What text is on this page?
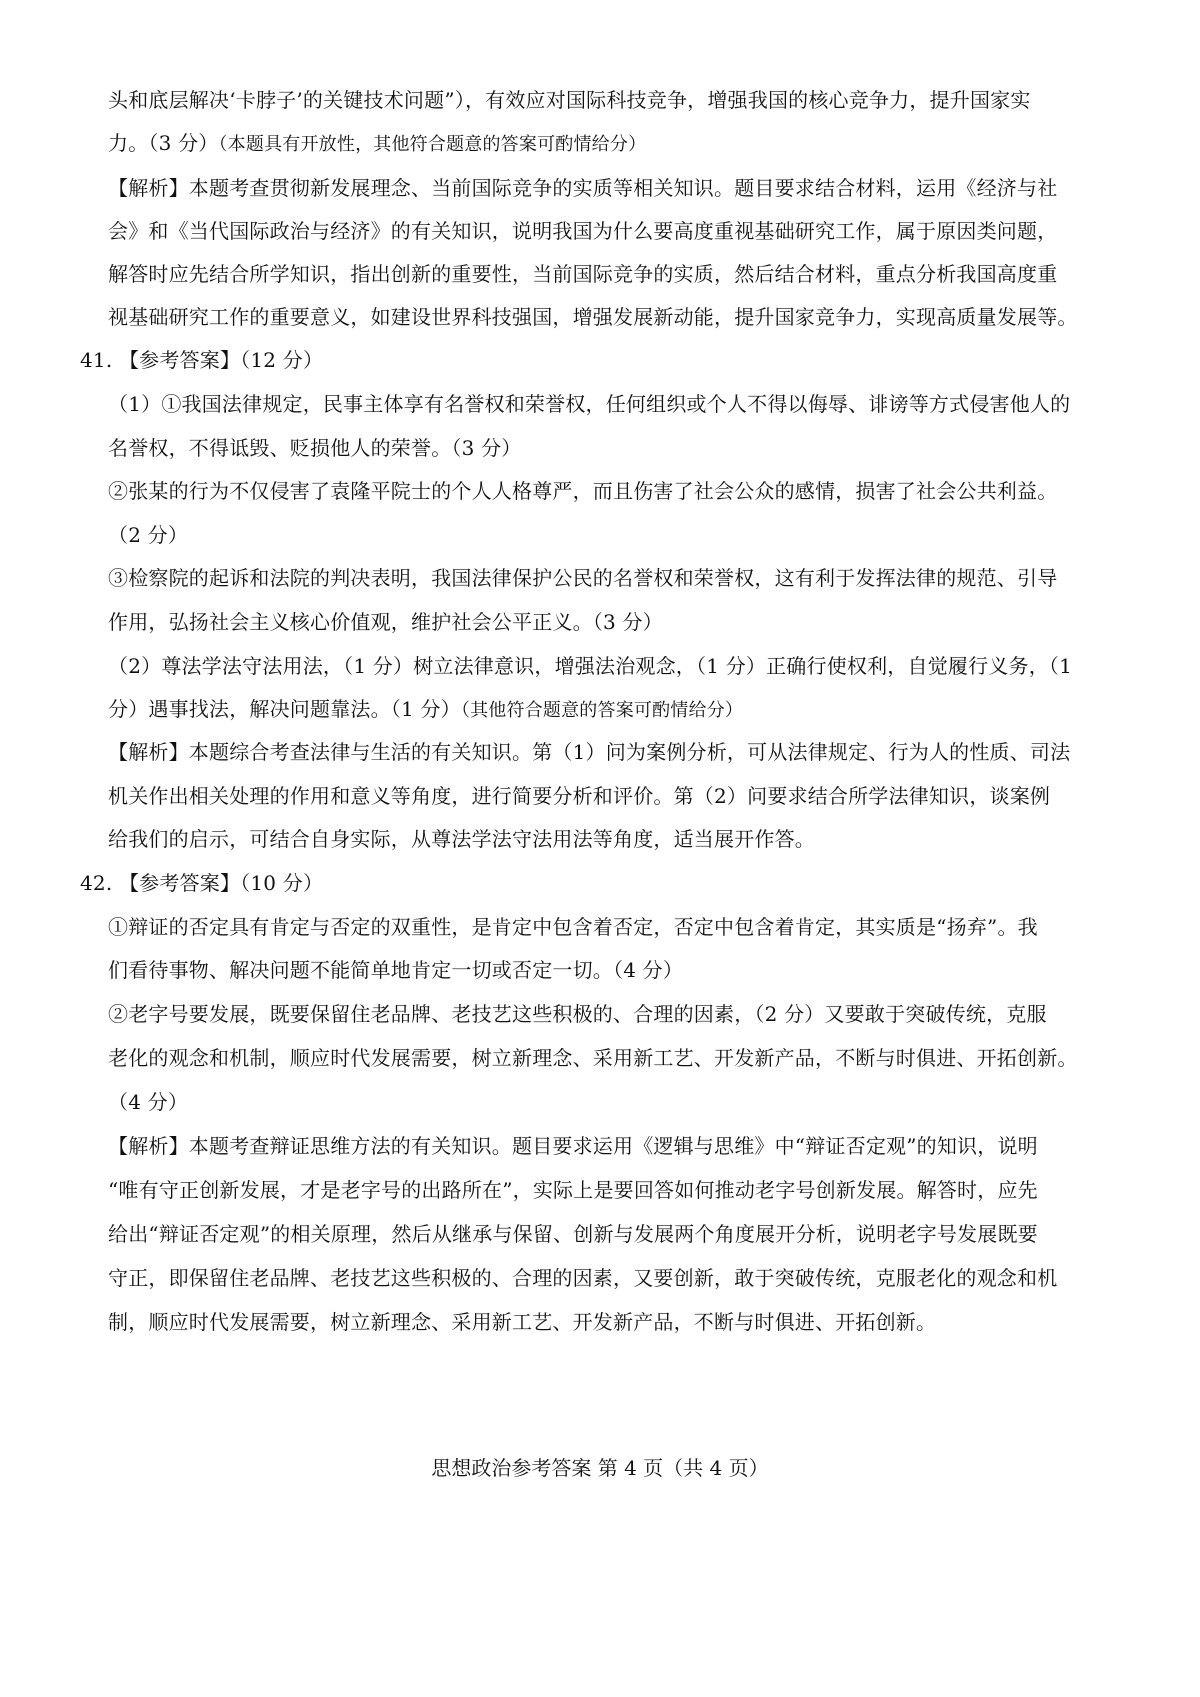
头和底层解决‘卡脖子’的关键技术问题”），有效应对国际科技竞争，增强我国的核心竞争力，提升国家实
力。（3 分）（本题具有开放性，其他符合题意的答案可酌情给分）
【解析】本题考查贯彻新发展理念、当前国际竞争的实质等相关知识。题目要求结合材料，运用《经济与社
会》和《当代国际政治与经济》的有关知识，说明我国为什么要高度重视基础研究工作，属于原因类问题，
解答时应先结合所学知识，指出创新的重要性，当前国际竞争的实质，然后结合材料，重点分析我国高度重
视基础研究工作的重要意义，如建设世界科技强国，增强发展新动能，提升国家竞争力，实现高质量发展等。
41. 【参考答案】（12 分）
（1）①我国法律规定，民事主体享有名誉权和荣誉权，任何组织或个人不得以侮辱、诽谤等方式侵害他人的
名誉权，不得诋毁、贬损他人的荣誉。（3 分）
②张某的行为不仅侵害了袁隆平院士的个人人格尊严，而且伤害了社会公众的感情，损害了社会公共利益。
（2 分）
③检察院的起诉和法院的判决表明，我国法律保护公民的名誉权和荣誉权，这有利于发挥法律的规范、引导
作用，弘扬社会主义核心价值观，维护社会公平正义。（3 分）
（2）尊法学法守法用法，（1 分）树立法律意识，增强法治观念，（1 分）正确行使权利，自觉履行义务，（1
分）遇事找法，解决问题靠法。（1 分）（其他符合题意的答案可酌情给分）
【解析】本题综合考查法律与生活的有关知识。第（1）问为案例分析，可从法律规定、行为人的性质、司法
机关作出相关处理的作用和意义等角度，进行简要分析和评价。第（2）问要求结合所学法律知识，谈案例
给我们的启示，可结合自身实际，从尊法学法守法用法等角度，适当展开作答。
42. 【参考答案】（10 分）
①辩证的否定具有肯定与否定的双重性，是肯定中包含着否定，否定中包含着肯定，其实质是“扬弃”。我
们看待事物、解决问题不能简单地肯定一切或否定一切。（4 分）
②老字号要发展，既要保留住老品牌、老技艺这些积极的、合理的因素，（2 分）又要敢于突破传统，克服
老化的观念和机制，顺应时代发展需要，树立新理念、采用新工艺、开发新产品，不断与时俱进、开拓创新。
（4 分）
【解析】本题考查辩证思维方法的有关知识。题目要求运用《逻辑与思维》中“辩证否定观”的知识，说明
“唯有守正创新发展，才是老字号的出路所在”，实际上是要回答如何推动老字号创新发展。解答时，应先
给出“辩证否定观”的相关原理，然后从继承与保留、创新与发展两个角度展开分析，说明老字号发展既要
守正，即保留住老品牌、老技艺这些积极的、合理的因素，又要创新，敢于突破传统，克服老化的观念和机
制，顺应时代发展需要，树立新理念、采用新工艺、开发新产品，不断与时俱进、开拓创新。
思想政治参考答案 第 4 页（共 4 页）
